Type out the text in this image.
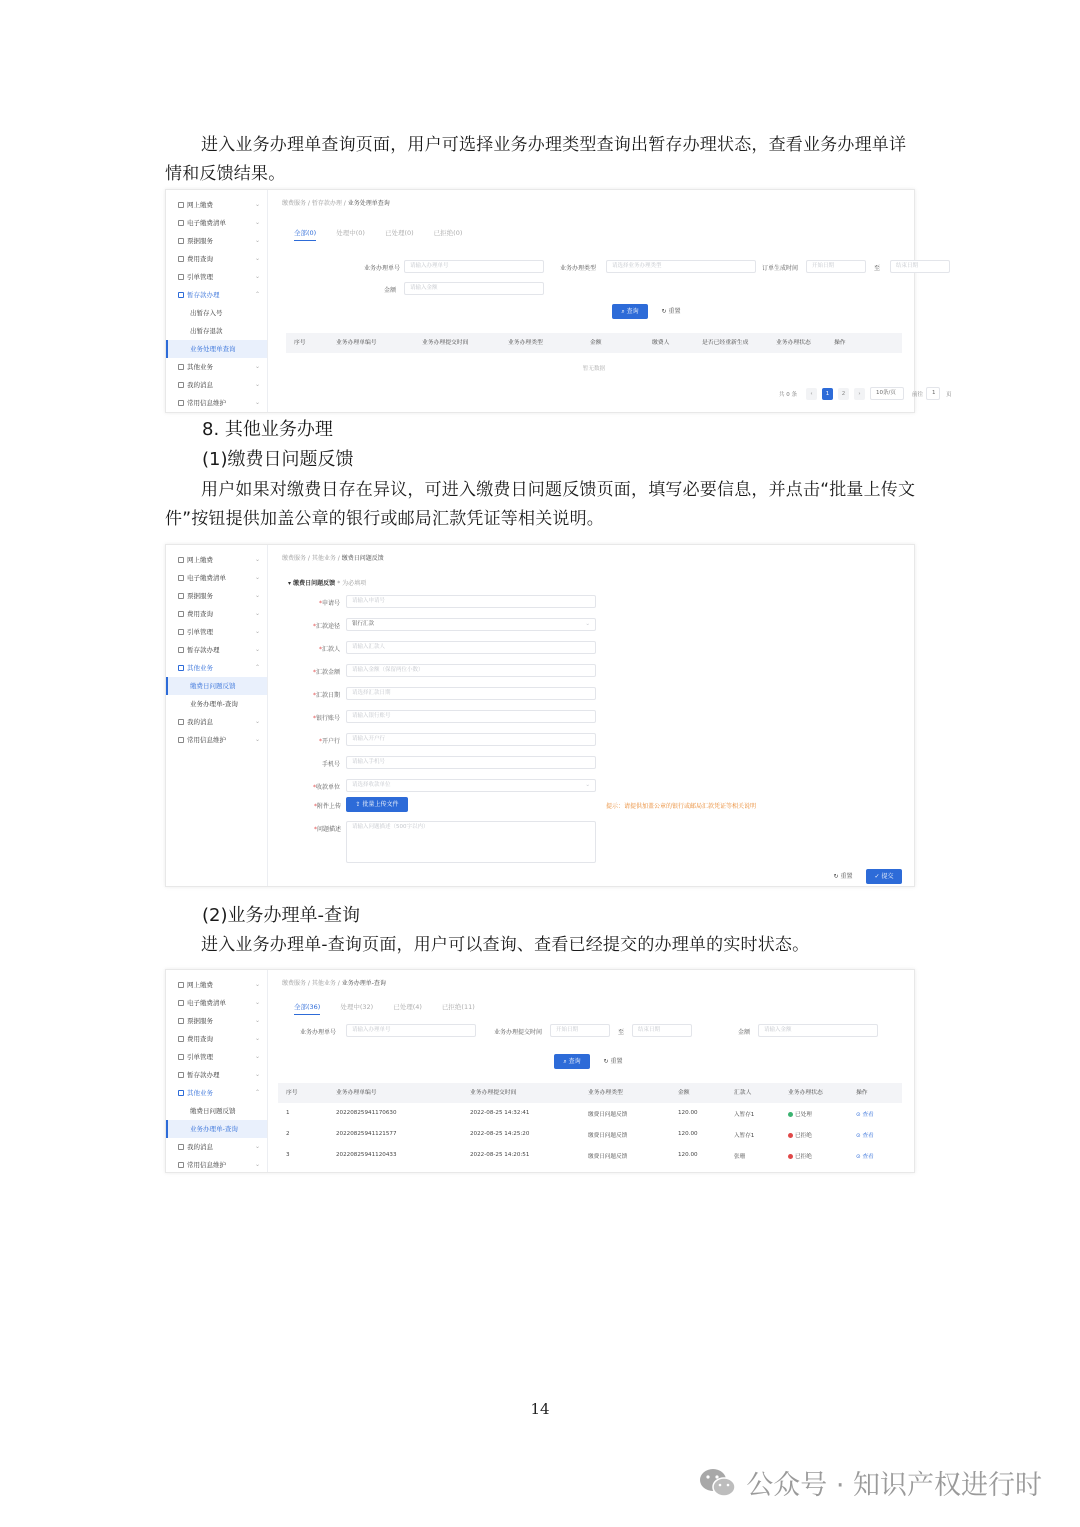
进入业务办理单查询页面，用户可选择业务办理类型查询出暂存办理状态，查看业务办理单详情和反馈结果。

网上缴费	⌄
电子缴费清单	⌄
票据服务	⌄
费用查询	⌄
引单管理	⌄
暂存款办理	⌃
出暂存入号
出暂存退款
业务处理单查询
其他业务	⌄
我的消息	⌄
常用信息维护	⌄
缴费服务 / 暂存款办理 / 业务处理单查询
全部(0)	处理中(0)	已处理(0)	已拒绝(0)
业务办理单号	请输入办理单号	业务办理类型	请选择业务办理类型	订单生成时间	开始日期	至	结束日期
金额	请输入金额
⌕ 查询	↻ 重置
序号	业务办理单编号	业务办理提交时间	业务办理类型	金额	缴费人	是否已经重新生成	业务办理状态	操作
暂无数据
共 0 条	‹	1	2	›	10条/页	前往	1	页
8. 其他业务办理
(1)缴费日问题反馈

用户如果对缴费日存在异议，可进入缴费日问题反馈页面，填写必要信息，并点击“批量上传文件”按钮提供加盖公章的银行或邮局汇款凭证等相关说明。

网上缴费	⌄
电子缴费清单	⌄
票据服务	⌄
费用查询	⌄
引单管理	⌄
暂存款办理	⌄
其他业务	⌃
缴费日问题反馈
业务办理单-查询
我的消息	⌄
常用信息维护	⌄
缴费服务 / 其他业务 / 缴费日问题反馈
▾ 缴费日问题反馈 * 为必填项
*申请号	请输入申请号
*汇款途径	银行汇款	⌄
*汇款人	请输入汇款人
*汇款金额	请输入金额（保留两位小数）
*汇款日期	请选择汇款日期
*银行账号	请输入银行账号
*开户行	请输入开户行
手机号	请输入手机号
*收款单位	请选择收款单位	⌄
*附件上传	⇪ 批量上传文件	提示：请提供加盖公章的银行或邮局汇款凭证等相关说明
*问题描述	请输入问题描述（500字以内）
↻ 重置	✓ 提交
(2)业务办理单-查询

进入业务办理单-查询页面，用户可以查询、查看已经提交的办理单的实时状态。

网上缴费	⌄
电子缴费清单	⌄
票据服务	⌄
费用查询	⌄
引单管理	⌄
暂存款办理	⌄
其他业务	⌃
缴费日问题反馈
业务办理单-查询
我的消息	⌄
常用信息维护	⌄
缴费服务 / 其他业务 / 业务办理单-查询
全部(36)	处理中(32)	已处理(4)	已拒绝(11)
业务办理单号	请输入办理单号	业务办理提交时间	开始日期	至	结束日期	金额	请输入金额
⌕ 查询	↻ 重置
序号	业务办理单编号	业务办理提交时间	业务办理类型	金额	汇款人	业务办理状态	操作
1	20220825941170630	2022-08-25 14:32:41	缴费日问题反馈	120.00	入暂存1	已处理	⊙ 查看
2	20220825941121577	2022-08-25 14:25:20	缴费日问题反馈	120.00	入暂存1	已拒绝	⊙ 查看
3	20220825941120433	2022-08-25 14:20:51	缴费日问题反馈	120.00	张珊	已拒绝	⊙ 查看
14
公众号 · 知识产权进行时
